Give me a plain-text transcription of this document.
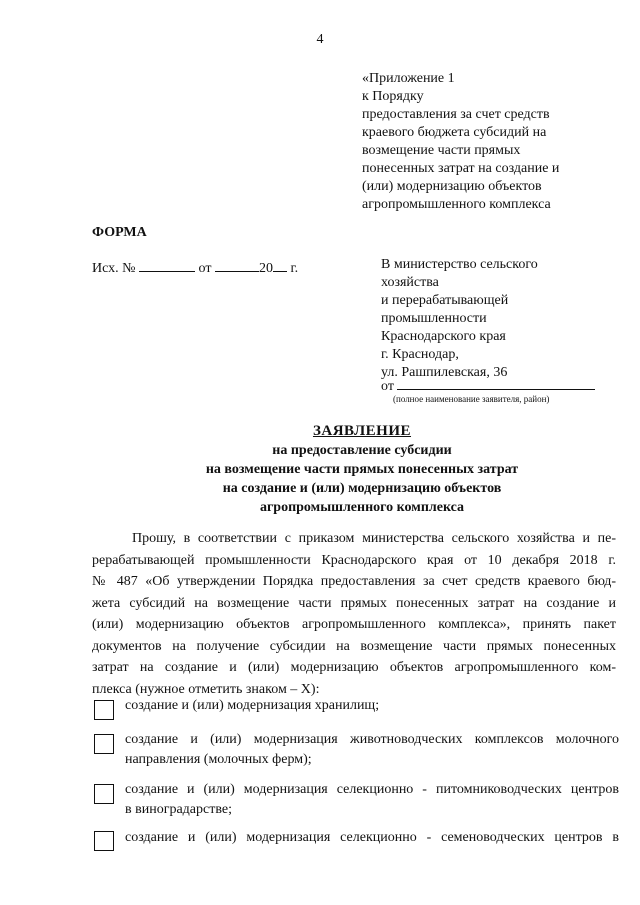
4
«Приложение 1
к Порядку
предоставления за счет средств
краевого бюджета субсидий на
возмещение части прямых
понесенных затрат на создание и
(или) модернизацию объектов
агропромышленного комплекса
ФОРМА
Исх. №	от	20 г.	В министерство сельского
хозяйства
и перерабатывающей
промышленности
Краснодарского края
г. Краснодар,
ул. Рашпилевская, 36
от
(полное наименование заявителя, район)
ЗАЯВЛЕНИЕ
на предоставление субсидии
на возмещение части прямых понесенных затрат
на создание и (или) модернизацию объектов
агропромышленного комплекса
Прошу, в соответствии с приказом министерства сельского хозяйства и пе-
рерабатывающей промышленности Краснодарского края от 10 декабря 2018 г.
№ 487 «Об утверждении Порядка предоставления за счет средств краевого бюд-
жета субсидий на возмещение части прямых понесенных затрат на создание и
(или) модернизацию объектов агропромышленного комплекса», принять пакет
документов на получение субсидии на возмещение части прямых понесенных
затрат на создание и (или) модернизацию объектов агропромышленного ком-
плекса (нужное отметить знаком – X):
создание и (или) модернизация хранилищ;
создание и (или) модернизация животноводческих комплексов молочного
направления (молочных ферм);
создание и (или) модернизация селекционно - питомниководческих центров
в виноградарстве;
создание и (или) модернизация селекционно - семеноводческих центров в
